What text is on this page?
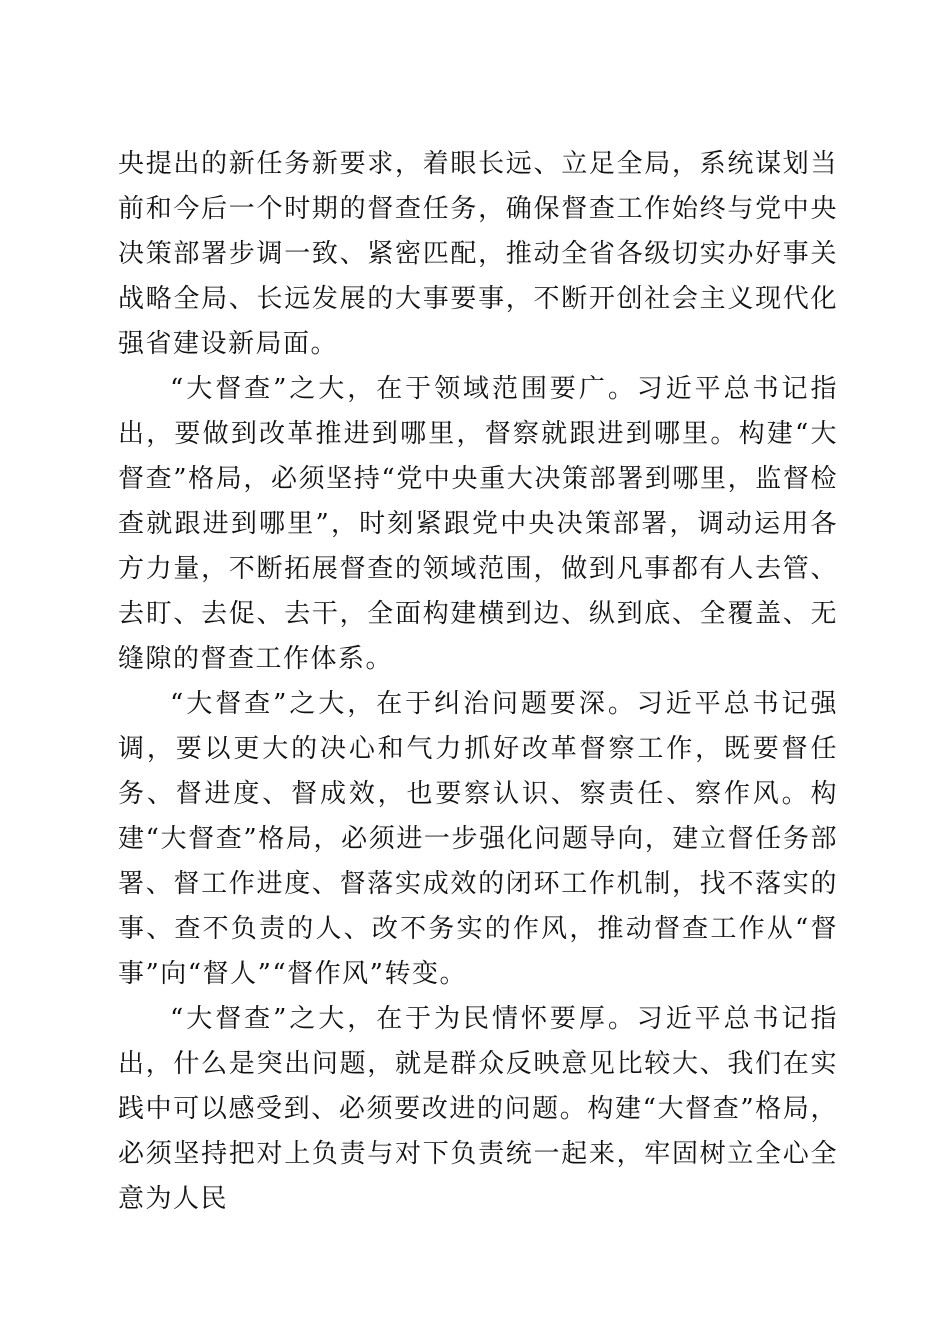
央提出的新任务新要求，着眼长远、立足全局，系统谋划当前和今后一个时期的督查任务，确保督查工作始终与党中央决策部署步调一致、紧密匹配，推动全省各级切实办好事关战略全局、长远发展的大事要事，不断开创社会主义现代化强省建设新局面。

“大督查”之大，在于领域范围要广。习近平总书记指出，要做到改革推进到哪里，督察就跟进到哪里。构建“大督查”格局，必须坚持“党中央重大决策部署到哪里，监督检查就跟进到哪里”，时刻紧跟党中央决策部署，调动运用各方力量，不断拓展督查的领域范围，做到凡事都有人去管、去盯、去促、去干，全面构建横到边、纵到底、全覆盖、无缝隙的督查工作体系。

“大督查”之大，在于纠治问题要深。习近平总书记强调，要以更大的决心和气力抓好改革督察工作，既要督任务、督进度、督成效，也要察认识、察责任、察作风。构建“大督查”格局，必须进一步强化问题导向，建立督任务部署、督工作进度、督落实成效的闭环工作机制，找不落实的事、查不负责的人、改不务实的作风，推动督查工作从“督事”向“督人”“督作风”转变。

“大督查”之大，在于为民情怀要厚。习近平总书记指出，什么是突出问题，就是群众反映意见比较大、我们在实践中可以感受到、必须要改进的问题。构建“大督查”格局，必须坚持把对上负责与对下负责统一起来，牢固树立全心全意为人民
